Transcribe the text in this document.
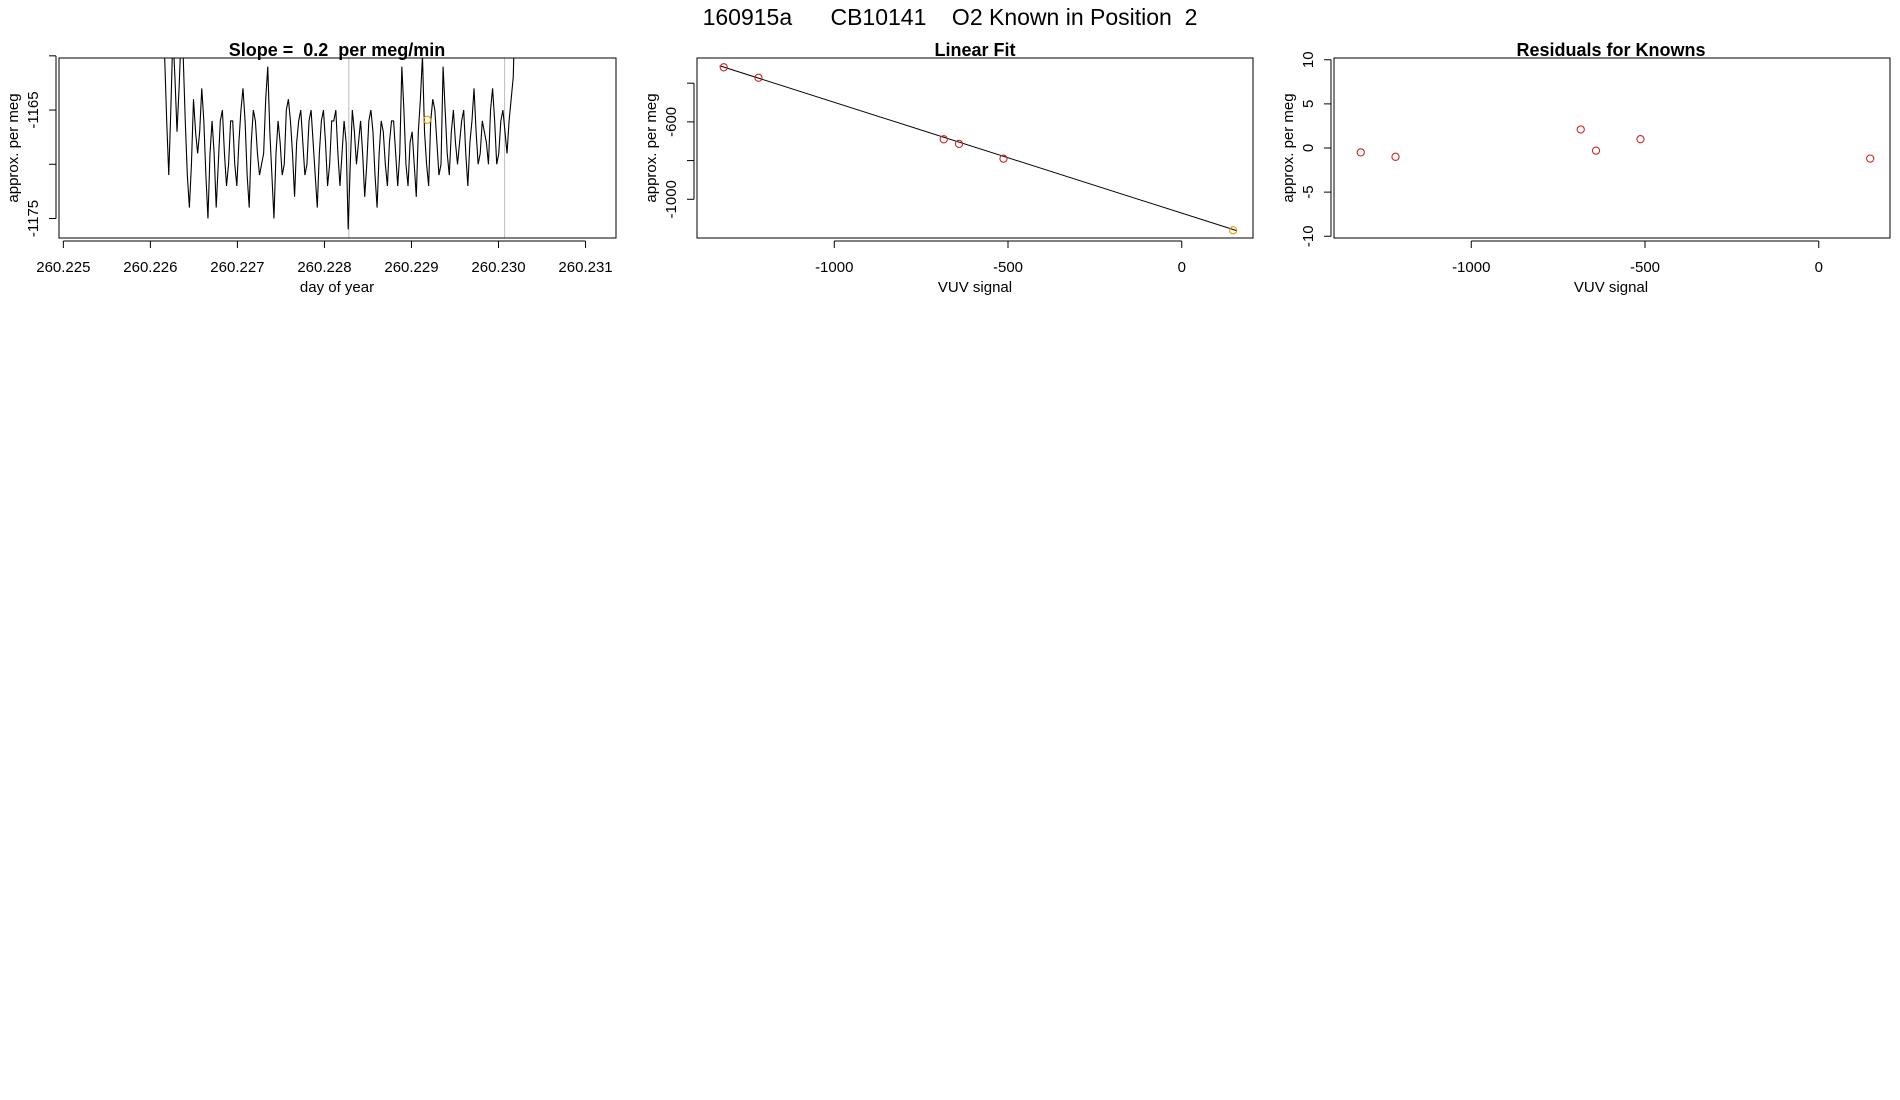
160915a      CB10141    O2 Known in Position  2
Slope =  0.2  per meg/min
day of year
approx. per meg
260.225 260.226 260.227 260.228 260.229 260.230 260.231
-1175
-1165
Linear Fit
VUV signal
approx. per meg
-1000	-500	0
-1000
-600
Residuals for Knowns
VUV signal
approx. per meg
-1000	-500	0
-10
-5
0
5
10
